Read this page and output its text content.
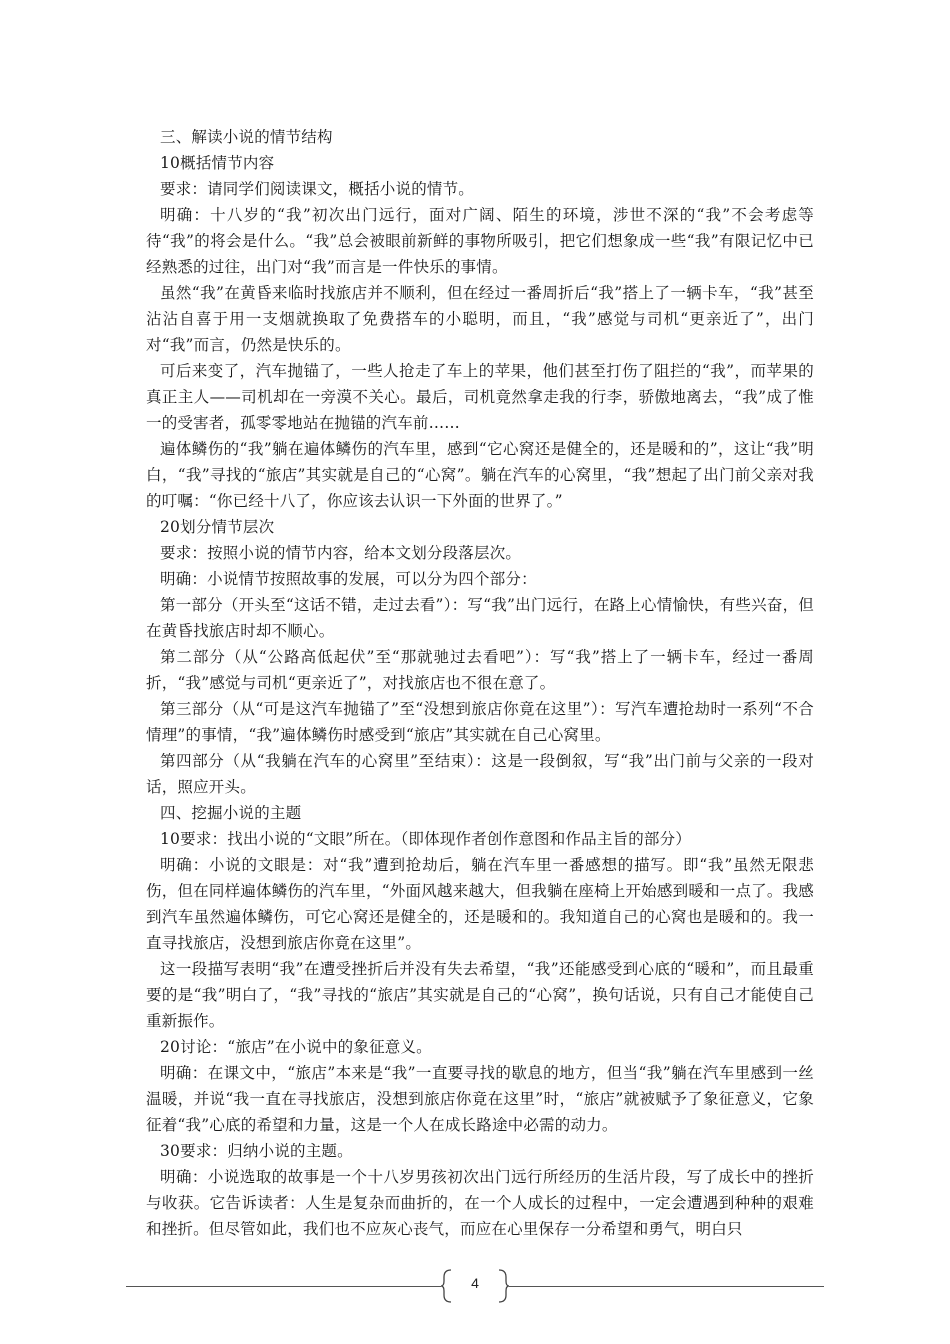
三、解读小说的情节结构

10概括情节内容

要求：请同学们阅读课文，概括小说的情节。

明确：十八岁的“我”初次出门远行，面对广阔、陌生的环境，涉世不深的“我”不会考虑等待“我”的将会是什么。“我”总会被眼前新鲜的事物所吸引，把它们想象成一些“我”有限记忆中已经熟悉的过往，出门对“我”而言是一件快乐的事情。

虽然“我”在黄昏来临时找旅店并不顺利，但在经过一番周折后“我”搭上了一辆卡车，“我”甚至沾沾自喜于用一支烟就换取了免费搭车的小聪明，而且，“我”感觉与司机“更亲近了”，出门对“我”而言，仍然是快乐的。

可后来变了，汽车抛锚了，一些人抢走了车上的苹果，他们甚至打伤了阻拦的“我”，而苹果的真正主人——司机却在一旁漠不关心。最后，司机竟然拿走我的行李，骄傲地离去，“我”成了惟一的受害者，孤零零地站在抛锚的汽车前……

遍体鳞伤的“我”躺在遍体鳞伤的汽车里，感到“它心窝还是健全的，还是暖和的”，这让“我”明白，“我”寻找的“旅店”其实就是自己的“心窝”。躺在汽车的心窝里，“我”想起了出门前父亲对我的叮嘱：“你已经十八了，你应该去认识一下外面的世界了。”

20划分情节层次

要求：按照小说的情节内容，给本文划分段落层次。

明确：小说情节按照故事的发展，可以分为四个部分：

第一部分（开头至“这话不错，走过去看”）：写“我”出门远行，在路上心情愉快，有些兴奋，但在黄昏找旅店时却不顺心。

第二部分（从“公路高低起伏”至“那就驰过去看吧”）：写“我”搭上了一辆卡车，经过一番周折，“我”感觉与司机“更亲近了”，对找旅店也不很在意了。

第三部分（从“可是这汽车抛锚了”至“没想到旅店你竟在这里”）：写汽车遭抢劫时一系列“不合情理”的事情，“我”遍体鳞伤时感受到“旅店”其实就在自己心窝里。

第四部分（从“我躺在汽车的心窝里”至结束）：这是一段倒叙，写“我”出门前与父亲的一段对话，照应开头。

四、挖掘小说的主题

10要求：找出小说的“文眼”所在。（即体现作者创作意图和作品主旨的部分）

明确：小说的文眼是：对“我”遭到抢劫后，躺在汽车里一番感想的描写。即“我”虽然无限悲伤，但在同样遍体鳞伤的汽车里，“外面风越来越大，但我躺在座椅上开始感到暖和一点了。我感到汽车虽然遍体鳞伤，可它心窝还是健全的，还是暖和的。我知道自己的心窝也是暖和的。我一直寻找旅店，没想到旅店你竟在这里”。

这一段描写表明“我”在遭受挫折后并没有失去希望，“我”还能感受到心底的“暖和”，而且最重要的是“我”明白了，“我”寻找的“旅店”其实就是自己的“心窝”，换句话说，只有自己才能使自己重新振作。

20讨论：“旅店”在小说中的象征意义。

明确：在课文中，“旅店”本来是“我”一直要寻找的歇息的地方，但当“我”躺在汽车里感到一丝温暖，并说“我一直在寻找旅店，没想到旅店你竟在这里”时，“旅店”就被赋予了象征意义，它象征着“我”心底的希望和力量，这是一个人在成长路途中必需的动力。

30要求：归纳小说的主题。

明确：小说选取的故事是一个十八岁男孩初次出门远行所经历的生活片段，写了成长中的挫折与收获。它告诉读者：人生是复杂而曲折的，在一个人成长的过程中，一定会遭遇到种种的艰难和挫折。但尽管如此，我们也不应灰心丧气，而应在心里保存一分希望和勇气，明白只

4
